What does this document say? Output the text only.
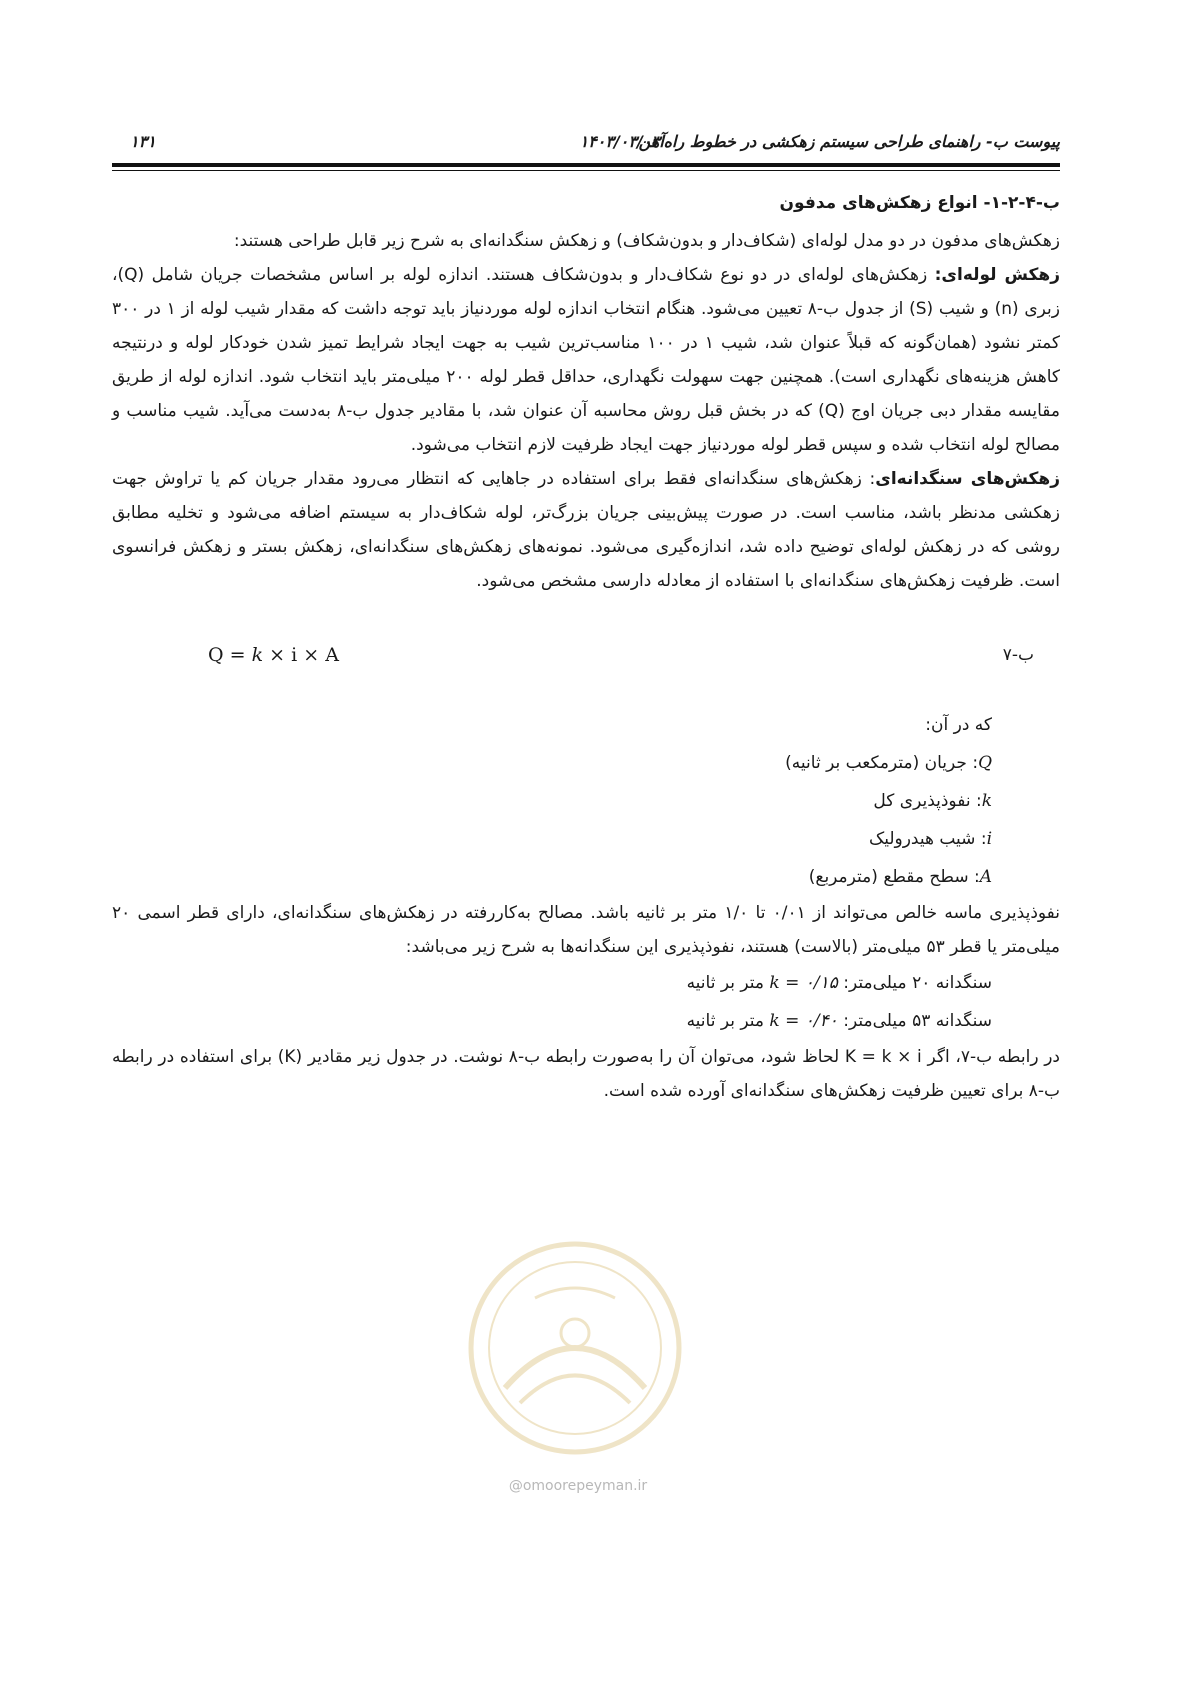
پیوست ب- راهنمای طراحی سیستم زهکشی در خطوط راه‌آهن
۱۴۰۳/۰۳/۰۳
۱۳۱
ب-۴-۲-۱- انواع زهکش‌های مدفون

زهکش‌های مدفون در دو مدل لوله‌ای (شکاف‌دار و بدون‌شکاف) و زهکش سنگدانه‌ای به شرح زیر قابل طراحی هستند:

زهکش لوله‌ای: زهکش‌های لوله‌ای در دو نوع شکاف‌دار و بدون‌شکاف هستند. اندازه لوله بر اساس مشخصات جریان شامل (Q)، زبری (n) و شیب (S) از جدول ب-۸ تعیین می‌شود. هنگام انتخاب اندازه لوله موردنیاز باید توجه داشت که مقدار شیب لوله از ۱ در ۳۰۰ کمتر نشود (همان‌گونه که قبلاً عنوان شد، شیب ۱ در ۱۰۰ مناسب‌ترین شیب به جهت ایجاد شرایط تمیز شدن خودکار لوله و درنتیجه کاهش هزینه‌های نگهداری است). همچنین جهت سهولت نگهداری، حداقل قطر لوله ۲۰۰ میلی‌متر باید انتخاب شود. اندازه لوله از طریق مقایسه مقدار دبی جریان اوج (Q) که در بخش قبل روش محاسبه آن عنوان شد، با مقادیر جدول ب-۸ به‌دست می‌آید. شیب مناسب و مصالح لوله انتخاب شده و سپس قطر لوله موردنیاز جهت ایجاد ظرفیت لازم انتخاب می‌شود.

زهکش‌های سنگدانه‌ای: زهکش‌های سنگدانه‌ای فقط برای استفاده در جاهایی که انتظار می‌رود مقدار جریان کم یا تراوش جهت زهکشی مدنظر باشد، مناسب است. در صورت پیش‌بینی جریان بزرگ‌تر، لوله شکاف‌دار به سیستم اضافه می‌شود و تخلیه مطابق روشی که در زهکش لوله‌ای توضیح داده شد، اندازه‌گیری می‌شود. نمونه‌های زهکش‌های سنگدانه‌ای، زهکش بستر و زهکش فرانسوی است. ظرفیت زهکش‌های سنگدانه‌ای با استفاده از معادله دارسی مشخص می‌شود.

Q = k × i × A	ب-۷
که در آن:
Q: جریان (مترمکعب بر ثانیه)
k: نفوذپذیری کل
i: شیب هیدرولیک
A: سطح مقطع (مترمربع)

نفوذپذیری ماسه خالص می‌تواند از ۰/۰۱ تا ۱/۰ متر بر ثانیه باشد. مصالح به‌کاررفته در زهکش‌های سنگدانه‌ای، دارای قطر اسمی ۲۰ میلی‌متر یا قطر ۵۳ میلی‌متر (بالاست) هستند، نفوذپذیری این سنگدانه‌ها به شرح زیر می‌باشد:

سنگدانه ۲۰ میلی‌متر: k = ۰/۱۵ متر بر ثانیه
سنگدانه ۵۳ میلی‌متر: k = ۰/۴۰ متر بر ثانیه

در رابطه ب-۷، اگر K = k × i لحاظ شود، می‌توان آن را به‌صورت رابطه ب-۸ نوشت. در جدول زیر مقادیر (K) برای استفاده در رابطه ب-۸ برای تعیین ظرفیت زهکش‌های سنگدانه‌ای آورده شده است.

@omoorepeyman.ir
